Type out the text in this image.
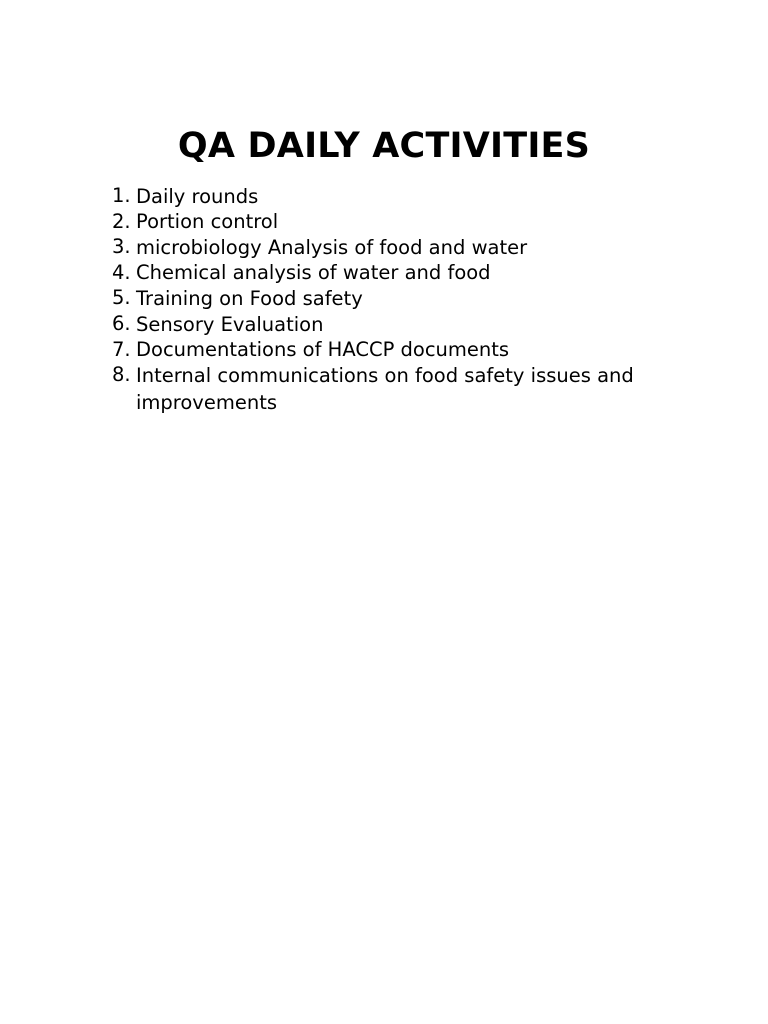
QA DAILY ACTIVITIES
1. Daily rounds
2. Portion control
3. microbiology Analysis of food and water
4. Chemical analysis of water and food
5. Training on Food safety
6. Sensory Evaluation
7. Documentations of HACCP documents
8. Internal communications on food safety issues and improvements
